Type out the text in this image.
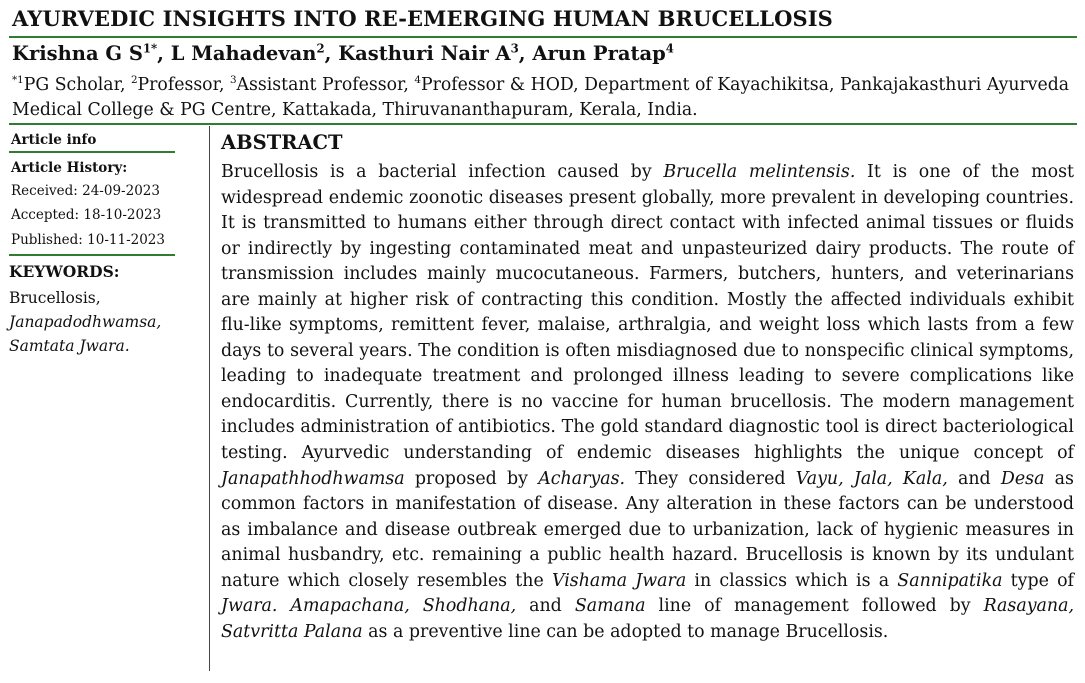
AYURVEDIC INSIGHTS INTO RE-EMERGING HUMAN BRUCELLOSIS
Krishna G $S^{1*}$, L Mahadevan$^2$, Kasthuri Nair $A^3$, Arun Pratap$^4$
$^{*1}$PG Scholar, $^2$Professor, $^3$Assistant Professor, $^4$Professor & HOD, Department of Kayachikitsa, Pankajakasthuri Ayurveda Medical College & PG Centre, Kattakada, Thiruvananthapuram, Kerala, India.
Article info
Article History:
Received: 24-09-2023
Accepted: 18-10-2023
Published: 10-11-2023
KEYWORDS:
Brucellosis,
Janapadodhwamsa,
Samtata Jwara.
ABSTRACT
Brucellosis is a bacterial infection caused by Brucella melintensis. It is one of the most widespread endemic zoonotic diseases present globally, more prevalent in developing countries. It is transmitted to humans either through direct contact with infected animal tissues or fluids or indirectly by ingesting contaminated meat and unpasteurized dairy products. The route of transmission includes mainly mucocutaneous. Farmers, butchers, hunters, and veterinarians are mainly at higher risk of contracting this condition. Mostly the affected individuals exhibit flu-like symptoms, remittent fever, malaise, arthralgia, and weight loss which lasts from a few days to several years. The condition is often misdiagnosed due to nonspecific clinical symptoms, leading to inadequate treatment and prolonged illness leading to severe complications like endocarditis. Currently, there is no vaccine for human brucellosis. The modern management includes administration of antibiotics. The gold standard diagnostic tool is direct bacteriological testing. Ayurvedic understanding of endemic diseases highlights the unique concept of Janapathhodhwamsa proposed by Acharyas. They considered Vayu, Jala, Kala, and Desa as common factors in manifestation of disease. Any alteration in these factors can be understood as imbalance and disease outbreak emerged due to urbanization, lack of hygienic measures in animal husbandry, etc. remaining a public health hazard. Brucellosis is known by its undulant nature which closely resembles the Vishama Jwara in classics which is a Sannipatika type of Jwara. Amapachana, Shodhana, and Samana line of management followed by Rasayana, Satvritta Palana as a preventive line can be adopted to manage Brucellosis.
